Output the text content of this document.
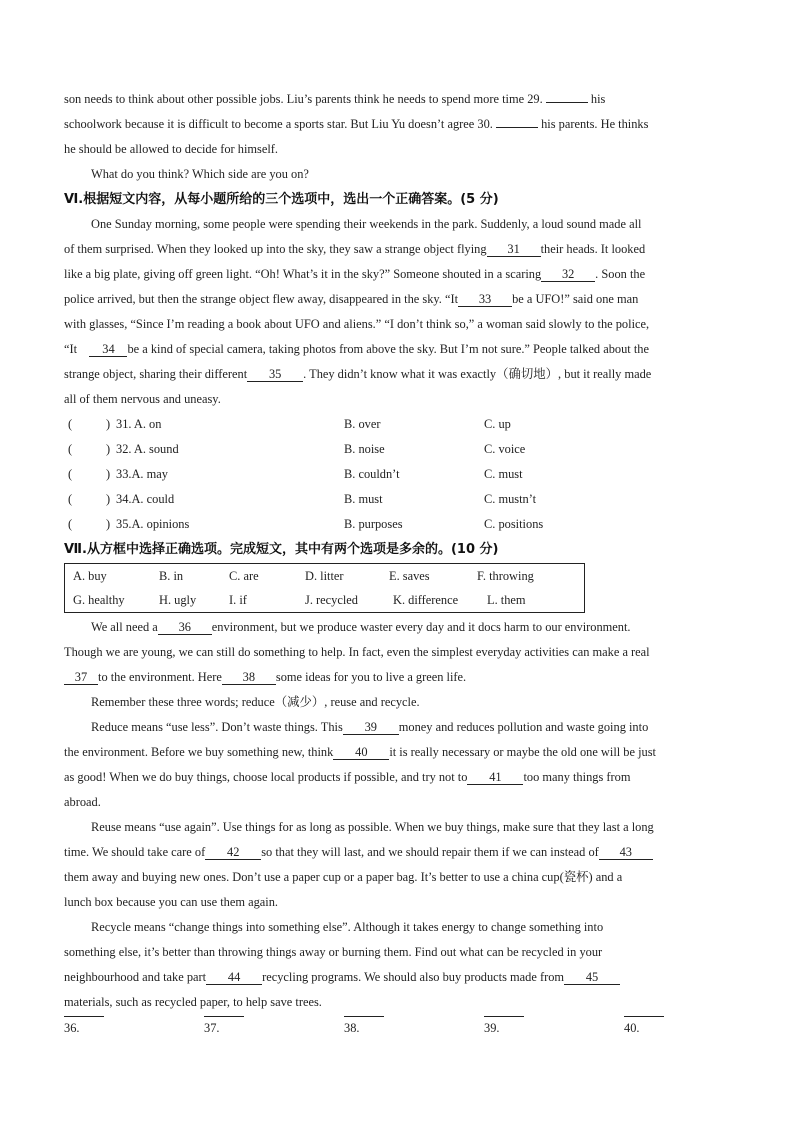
son needs to think about other possible jobs. Liu’s parents think he needs to spend more time 29.	his
schoolwork because it is difficult to become a sports star. But Liu Yu doesn’t agree 30.	his parents. He thinks
he should be allowed to decide for himself.
What do you think? Which side are you on?
Ⅵ.根据短文内容，从每小题所给的三个选项中，选出一个正确答案。(5 分)
One Sunday morning, some people were spending their weekends in the park. Suddenly, a loud sound made all
of them surprised. When they looked up into the sky, they saw a strange object flying 31 their heads. It looked
like a big plate, giving off green light. “Oh! What’s it in the sky?” Someone shouted in a scaring 32 . Soon the
police arrived, but then the strange object flew away, disappeared in the sky. “It 33 be a UFO!” said one man
with glasses, “Since I’m reading a book about UFO and aliens.” “I don’t think so,” a woman said slowly to the police,
“It 34 be a kind of special camera, taking photos from above the sky. But I’m not sure.” People talked about the
strange object, sharing their different 35 . They didn’t know what it was exactly（确切地）, but it really made
all of them nervous and uneasy.
(	) 31. A. on	B. over	C. up
(	) 32. A. sound	B. noise	C. voice
(	) 33.A. may	B. couldn’t	C. must
(	) 34.A. could	B. must	C. mustn’t
(	) 35.A. opinions	B. purposes	C. positions
Ⅶ.从方框中选择正确选项。完成短文，其中有两个选项是多余的。(10 分)
A. buy	B. in	C. are	D. litter	E. saves	F. throwing
G. healthy	H. ugly	I. if	J. recycled	K. difference L. them
We all need a 36 environment, but we produce waster every day and it docs harm to our environment.
Though we are young, we can still do something to help. In fact, even the simplest everyday activities can make a real
37 to the environment. Here 38 some ideas for you to live a green life.
Remember these three words; reduce（减少）, reuse and recycle.
Reduce means “use less”. Don’t waste things. This 39 money and reduces pollution and waste going into
the environment. Before we buy something new, think 40 it is really necessary or maybe the old one will be just
as good! When we do buy things, choose local products if possible, and try not to 41 too many things from
abroad.
Reuse means “use again”. Use things for as long as possible. When we buy things, make sure that they last a long
time. We should take care of 42 so that they will last, and we should repair them if we can instead of 43
them away and buying new ones. Don’t use a paper cup or a paper bag. It’s better to use a china cup(瓷杯) and a
lunch box because you can use them again.
Recycle means “change things into something else”. Although it takes energy to change something into
something else, it’s better than throwing things away or burning them. Find out what can be recycled in your
neighbourhood and take part 44 recycling programs. We should also buy products made from 45
materials, such as recycled paper, to help save trees.
36.	37.	38.	39.	40.
